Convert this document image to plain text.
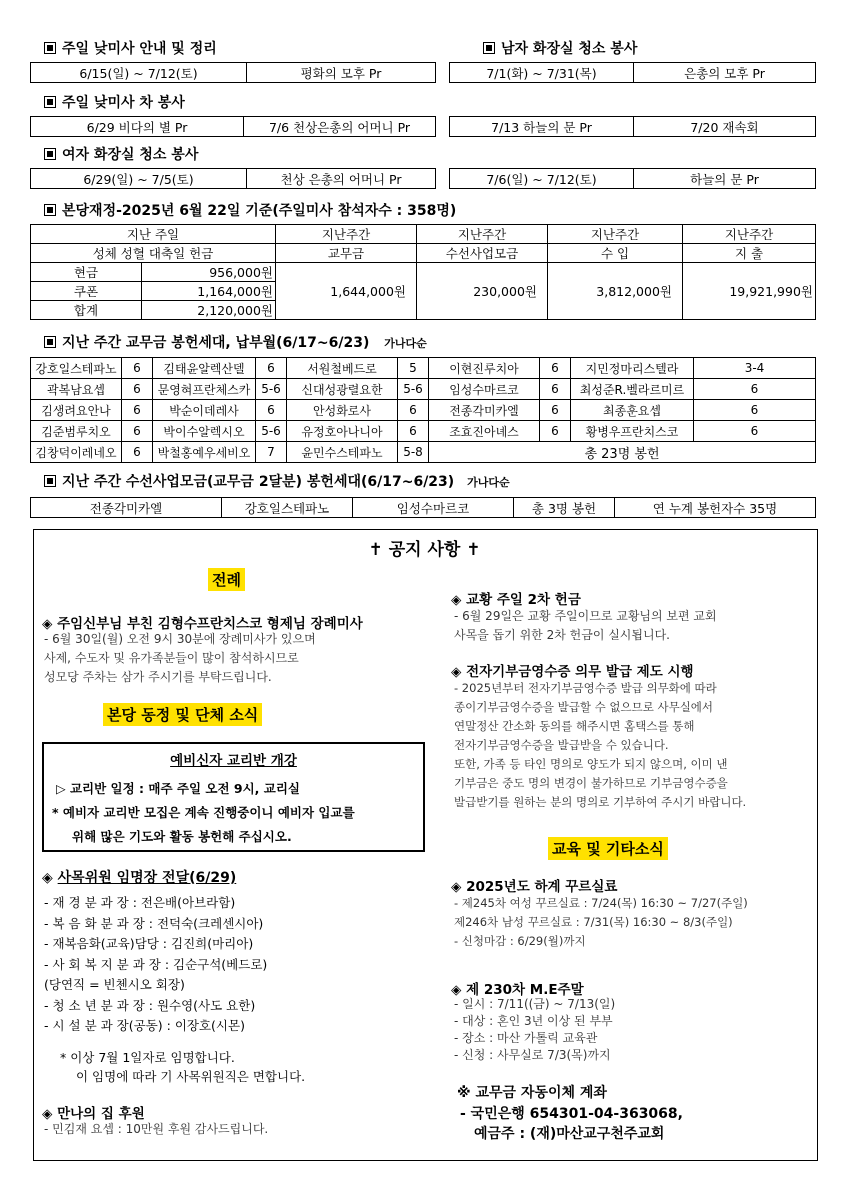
주일 낮미사 안내 및 정리	남자 화장실 청소 봉사
6/15(일) ~ 7/12(토)	평화의 모후 Pr	7/1(화) ~ 7/31(목)	은총의 모후 Pr
주일 낮미사 차 봉사
6/29 비다의 별 Pr	7/6 천상은총의 어머니 Pr	7/13 하늘의 문 Pr	7/20 재속회
여자 화장실 청소 봉사
6/29(일) ~ 7/5(토)	천상 은총의 어머니 Pr	7/6(일) ~ 7/12(토)	하늘의 문 Pr
본당재정-2025년 6월 22일 기준(주일미사 참석자수 : 358명)
지난 주일		지난주간	지난주간	지난주간	지난주간
성체 성혈 대축일 헌금		교무금	수선사업모금	수 입	지 출
현금	956,000원	1,644,000원	230,000원	3,812,000원	19,921,990원
쿠폰	1,164,000원				
합계	2,120,000원				
지난 주간 교무금 봉헌세대, 납부월(6/17~6/23) 가나다순
강호일스테파노	6	김태윤알렉산델	6	서원철베드로	5	이현진루치아	6	지민정마리스텔라	3-4
곽복남요셉	6	문영혀프란체스카	5-6	신대성광렬요한	5-6	임성수마르코	6	최성준R.벨라르미르	6
김생려요안나	6	박순이데레사	6	안성화로사	6	전종각미카엘	6	최종훈요셉	6
김준범루치오	6	박이수알렉시오	5-6	유정호아나니아	6	조효진아녜스	6	황병우프란치스코	6
김창덕이레네오	6	박철홍예우세비오	7	윤민수스테파노	5-8	총 23명 봉헌			
지난 주간 수선사업모금(교무금 2달분) 봉헌세대(6/17~6/23) 가나다순
전종각미카엘	강호일스테파노	임성수마르코	총 3명 봉헌	연 누계 봉헌자수 35명
✝ 공지 사항 ✝
전례
◈ 주임신부님 부친 김형수프란치스코 형제님 장례미사
- 6월 30일(월) 오전 9시 30분에 장례미사가 있으며
사제, 수도자 및 유가족분들이 많이 참석하시므로
성모당 주차는 삼가 주시기를 부탁드립니다.
본당 동정 및 단체 소식
예비신자 교리반 개강
▷ 교리반 일정 : 매주 주일 오전 9시, 교리실
* 예비자 교리반 모집은 계속 진행중이니 예비자 입교를
위해 많은 기도와 활동 봉헌해 주십시오.
◈ 사목위원 임명장 전달(6/29)
- 재 경 분 과 장 : 전은배(아브라함)
- 복 음 화 분 과 장 : 전덕숙(크레센시아)
- 재복음화(교육)담당 : 김진희(마리아)
- 사 회 복 지 분 과 장 : 김순구석(베드로)
(당연직 = 빈첸시오 회장)
- 청 소 년 분 과 장 : 원수영(사도 요한)
- 시 설 분 과 장(공동) : 이장호(시몬)
* 이상 7월 1일자로 임명합니다.
이 임명에 따라 기 사목위원직은 면합니다.
◈ 만나의 집 후원
- 민김재 요셉 : 10만원 후원 감사드립니다.
◈ 교황 주일 2차 헌금
- 6월 29일은 교황 주일이므로 교황님의 보편 교회
사목을 돕기 위한 2차 헌금이 실시됩니다.
◈ 전자기부금영수증 의무 발급 제도 시행
- 2025년부터 전자기부금영수증 발급 의무화에 따라
종이기부금영수증을 발급할 수 없으므로 사무실에서
연말정산 간소화 동의를 해주시면 홈택스를 통해
전자기부금영수증을 발급받을 수 있습니다.
또한, 가족 등 타인 명의로 양도가 되지 않으며, 이미 낸
기부금은 중도 명의 변경이 불가하므로 기부금영수증을
발급받기를 원하는 분의 명의로 기부하여 주시기 바랍니다.
교육 및 기타소식
◈ 2025년도 하계 꾸르실료
- 제245차 여성 꾸르실료 : 7/24(목) 16:30 ~ 7/27(주일)
제246차 남성 꾸르실료 : 7/31(목) 16:30 ~ 8/3(주일)
- 신청마감 : 6/29(월)까지
◈ 제 230차 M.E주말
- 일시 : 7/11((금) ~ 7/13(일)
- 대상 : 혼인 3년 이상 된 부부
- 장소 : 마산 가톨릭 교육관
- 신청 : 사무실로 7/3(목)까지
※ 교무금 자동이체 계좌
- 국민은행 654301-04-363068,
예금주 : (재)마산교구천주교회
